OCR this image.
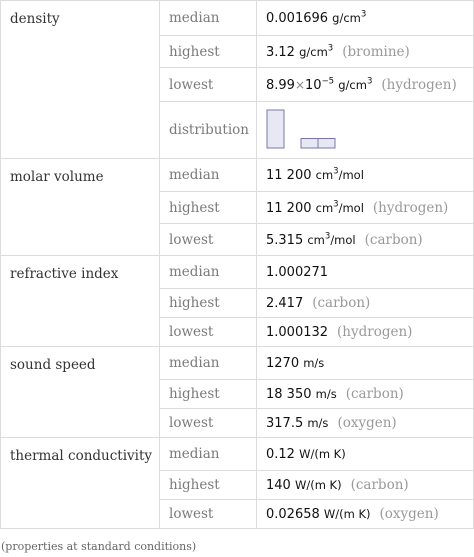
density	median	0.001696 $g/cm^3$
	highest	3.12 $g/cm^3$ (bromine)
	lowest	$8.99\times 10^{-5}$ $g/cm^3$ (hydrogen)
	distribution	

molar volume	median	11 200 $cm^3$/mol
	highest	11 200 $cm^3$/mol (hydrogen)
	lowest	5.315 $cm^3$/mol (carbon)
refractive index	median	1.000271
	highest	2.417 (carbon)
	lowest	1.000132 (hydrogen)
sound speed	median	1270 m/s
	highest	18 350 m/s (carbon)
	lowest	317.5 m/s (oxygen)
thermal conductivity	median	0.12 W/(m K)
	highest	140 W/(m K) (carbon)
	lowest	0.02658 W/(m K) (oxygen)
(properties at standard conditions)
